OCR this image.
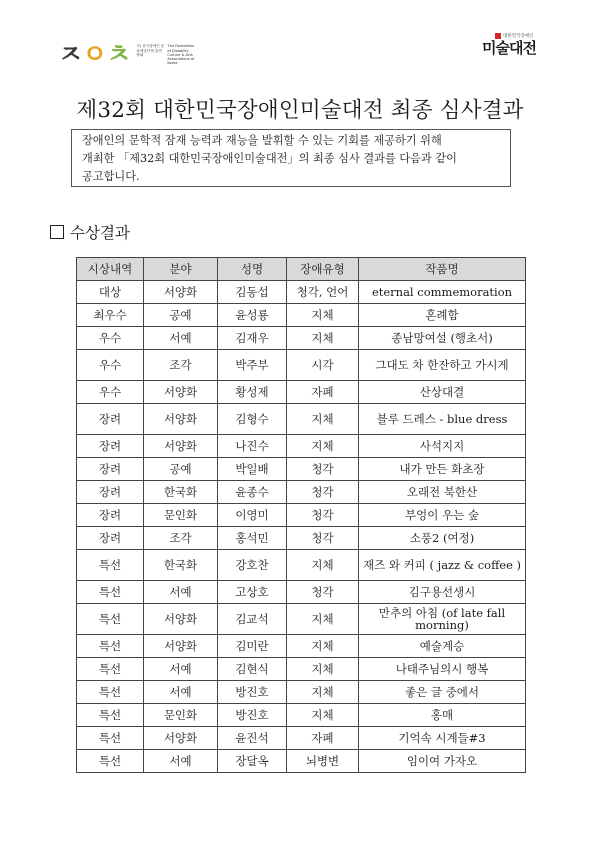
ㅈ ㅇ ㅊ 사) 한국장애인 문화예술단체 총연합회
The Federation of Disability Culture & Arts Associations of Korea
대한민국장애인
미술대전
제32회 대한민국장애인미술대전 최종 심사결과
장애인의 문학적 잠재 능력과 재능을 발휘할 수 있는 기회를 제공하기 위해
개최한 「제32회 대한민국장애인미술대전」의 최종 심사 결과를 다음과 같이
공고합니다.
수상결과
시상내역	분야	성명	장애유형	작품명
대상	서양화	김동섭	청각, 언어	eternal commemoration
최우수	공예	윤성룡	지체	혼례함
우수	서예	김재우	지체	종남망여설 (행초서)
우수	조각	박주부	시각	그대도 차 한잔하고 가시게
우수	서양화	황성제	자폐	산상대결
장려	서양화	김형수	지체	블루 드레스 - blue dress
장려	서양화	나진수	지체	사석지지
장려	공예	박일배	청각	내가 만든 화초장
장려	한국화	윤종수	청각	오래전 북한산
장려	문인화	이영미	청각	부엉이 우는 숲
장려	조각	홍석민	청각	소풍2 (여정)
특선	한국화	강호찬	지체	재즈 와 커피 ( jazz & coffee )
특선	서예	고상호	청각	김구용선생시
특선	서양화	김교석	지체	만추의 아침 (of late fall morning)
특선	서양화	김미란	지체	예술계승
특선	서예	김현식	지체	나태주님의시 행복
특선	서예	방진호	지체	좋은 글 중에서
특선	문인화	방진호	지체	홍매
특선	서양화	윤진석	자폐	기억속 시계들#3
특선	서예	장달옥	뇌병변	임이여 가자오
